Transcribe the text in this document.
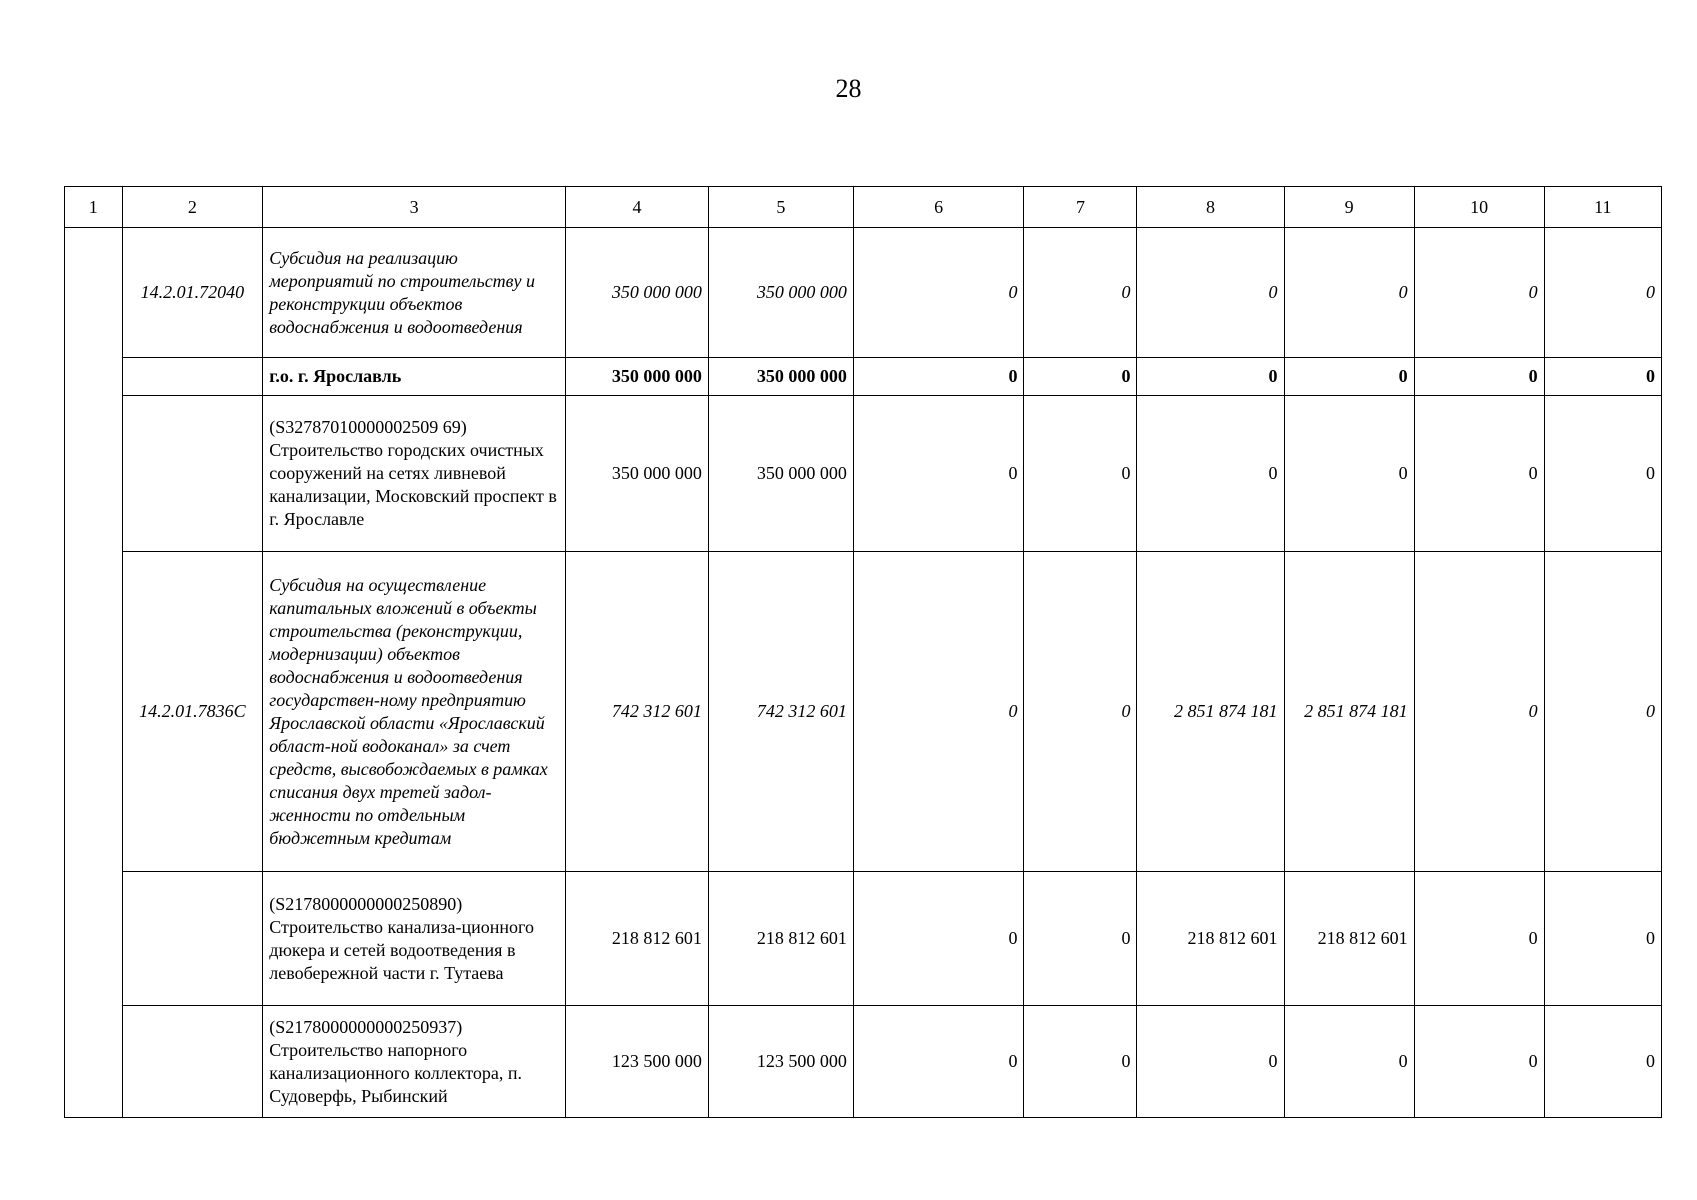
28
1	2	3	4	5	6	7	8	9	10	11
	14.2.01.72040	Субсидия на реализацию мероприятий по строительству и реконструкции объектов водоснабжения и водоотведения	350 000 000	350 000 000	0	0	0	0	0	0
		г.о. г. Ярославль	350 000 000	350 000 000	0	0	0	0	0	0
		(S32787010000002509 69) Строительство городских очистных сооружений на сетях ливневой канализации, Московский проспект в г. Ярославле	350 000 000	350 000 000	0	0	0	0	0	0
	14.2.01.7836С	Субсидия на осуществление капитальных вложений в объекты строительства (реконструкции, модернизации) объектов водоснабжения и водоотведения государствен-ному предприятию Ярославской области «Ярославский област-ной водоканал» за счет средств, высвобождаемых в рамках списания двух третей задол-женности по отдельным бюджетным кредитам	742 312 601	742 312 601	0	0	2 851 874 181	2 851 874 181	0	0
		(S2178000000000250890) Строительство канализа-ционного дюкера и сетей водоотведения в левобережной части г. Тутаева	218 812 601	218 812 601	0	0	218 812 601	218 812 601	0	0
		(S2178000000000250937) Строительство напорного канализационного коллектора, п. Судоверфь, Рыбинский	123 500 000	123 500 000	0	0	0	0	0	0
